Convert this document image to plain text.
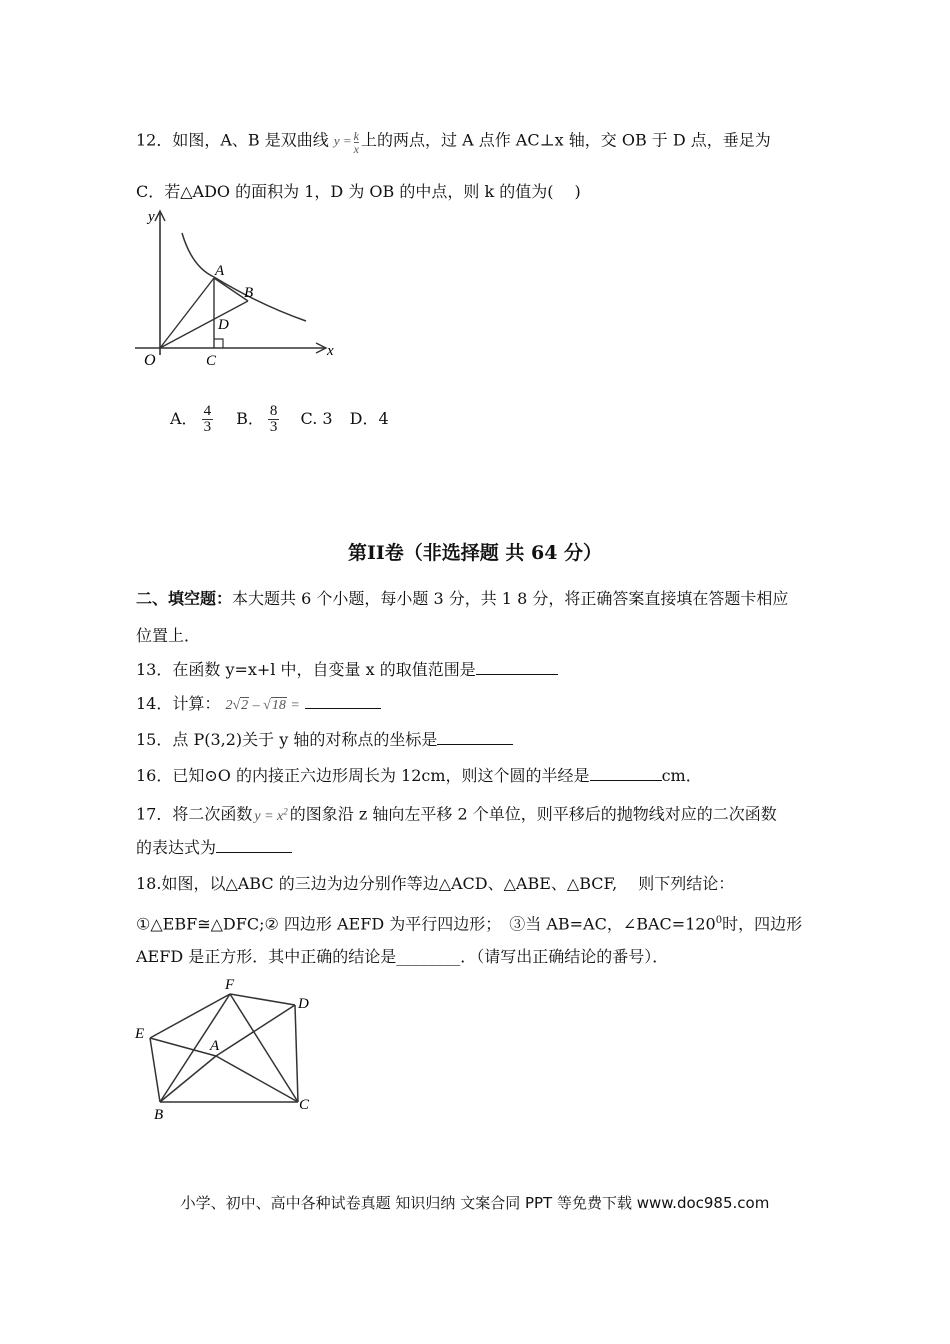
12．如图，A、B 是双曲线 $y = \frac{k}{x}$ 上的两点，过 A 点作 AC⊥x 轴，交 OB 于 D 点，垂足为
C．若△ADO 的面积为 1，D 为 OB 的中点，则 k 的值为(　 )
y
x
O
A
B
C
D
A． $\frac{4}{3}$ B． $\frac{8}{3} C$. 3 D．4
第II卷（非选择题 共 64 分）
二、填空题：本大题共 6 个小题，每小题 3 分，共 1 8 分，将正确答案直接填在答题卡相应
位置上．
13．在函数 y=x+l 中，自变量 x 的取值范围是
14．计算： 2√2 – √18 =
15．点 P(3,2)关于 y 轴的对称点的坐标是
16．已知⊙O 的内接正六边形周长为 12cm，则这个圆的半经是	cm．
17．将二次函数 $y = x^2$ 的图象沿 z 轴向左平移 2 个单位，则平移后的抛物线对应的二次函数
的表达式为
18.如图，以△ABC 的三边为边分别作等边△ACD、△ABE、△BCF,　 则下列结论：
①△EBF≅△DFC;② 四边形 AEFD 为平行四边形；　③当 AB=AC，$\angle BAC=120^0$时，四边形
AEFD 是正方形．其中正确的结论是________．（请写出正确结论的番号）．
F
D
E
A
B
C
小学、初中、高中各种试卷真题 知识归纳 文案合同 PPT 等免费下载 www.doc985.com
